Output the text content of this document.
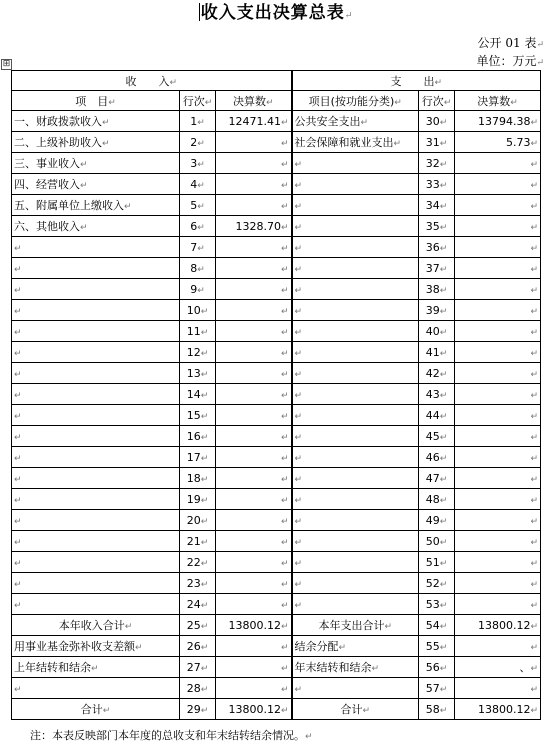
收入支出决算总表↵
公开 01 表↵
单位：万元↵
⊞
收　　入↵			支　　出↵		
项　目↵	行次↵	决算数↵	项目(按功能分类)↵	行次↵	决算数↵
一、财政拨款收入↵	1↵	12471.41↵	公共安全支出↵	30↵	13794.38↵
二、上级补助收入↵	2↵	↵	社会保障和就业支出↵	31↵	5.73↵
三、事业收入↵	3↵	↵	↵	32↵	↵
四、经营收入↵	4↵	↵	↵	33↵	↵
五、附属单位上缴收入↵	5↵	↵	↵	34↵	↵
六、其他收入↵	6↵	1328.70↵	↵	35↵	↵
↵	7↵	↵	↵	36↵	↵
↵	8↵	↵	↵	37↵	↵
↵	9↵	↵	↵	38↵	↵
↵	10↵	↵	↵	39↵	↵
↵	11↵	↵	↵	40↵	↵
↵	12↵	↵	↵	41↵	↵
↵	13↵	↵	↵	42↵	↵
↵	14↵	↵	↵	43↵	↵
↵	15↵	↵	↵	44↵	↵
↵	16↵	↵	↵	45↵	↵
↵	17↵	↵	↵	46↵	↵
↵	18↵	↵	↵	47↵	↵
↵	19↵	↵	↵	48↵	↵
↵	20↵	↵	↵	49↵	↵
↵	21↵	↵	↵	50↵	↵
↵	22↵	↵	↵	51↵	↵
↵	23↵	↵	↵	52↵	↵
↵	24↵	↵	↵	53↵	↵
本年收入合计↵	25↵	13800.12↵	本年支出合计↵	54↵	13800.12↵
用事业基金弥补收支差额↵	26↵	↵	结余分配↵	55↵	↵
上年结转和结余↵	27↵	↵	年末结转和结余↵	56↵	、↵
↵	28↵	↵	↵	57↵	↵
合计↵	29↵	13800.12↵	合计↵	58↵	13800.12↵
注：本表反映部门本年度的总收支和年末结转结余情况。↵
